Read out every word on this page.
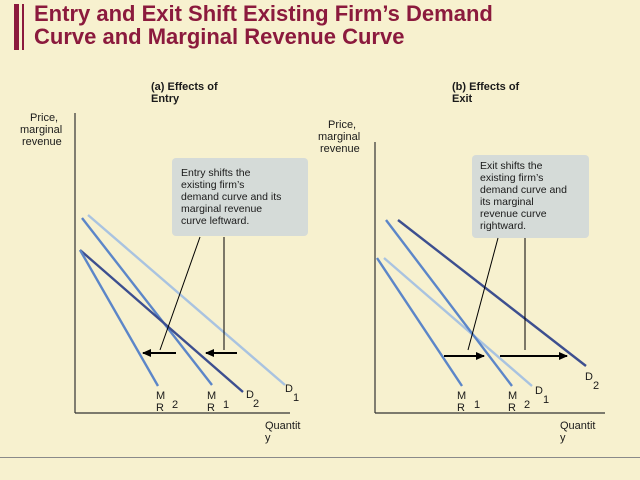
Entry and Exit Shift Existing Firm’s Demand
Curve and Marginal Revenue Curve
(a) Effects of
Entry
Price,
marginal
revenue
Quantit
y
Entry shifts the
existing firm’s
demand curve and its
marginal revenue
curve leftward.
M
R 2
M
R 1
D
2
D
1
(b) Effects of
Exit
Price,
marginal
revenue
Quantit
y
Exit shifts the
existing firm’s
demand curve and
its marginal
revenue curve
rightward.
M
R 1
M
R 2
D
1
D
2
